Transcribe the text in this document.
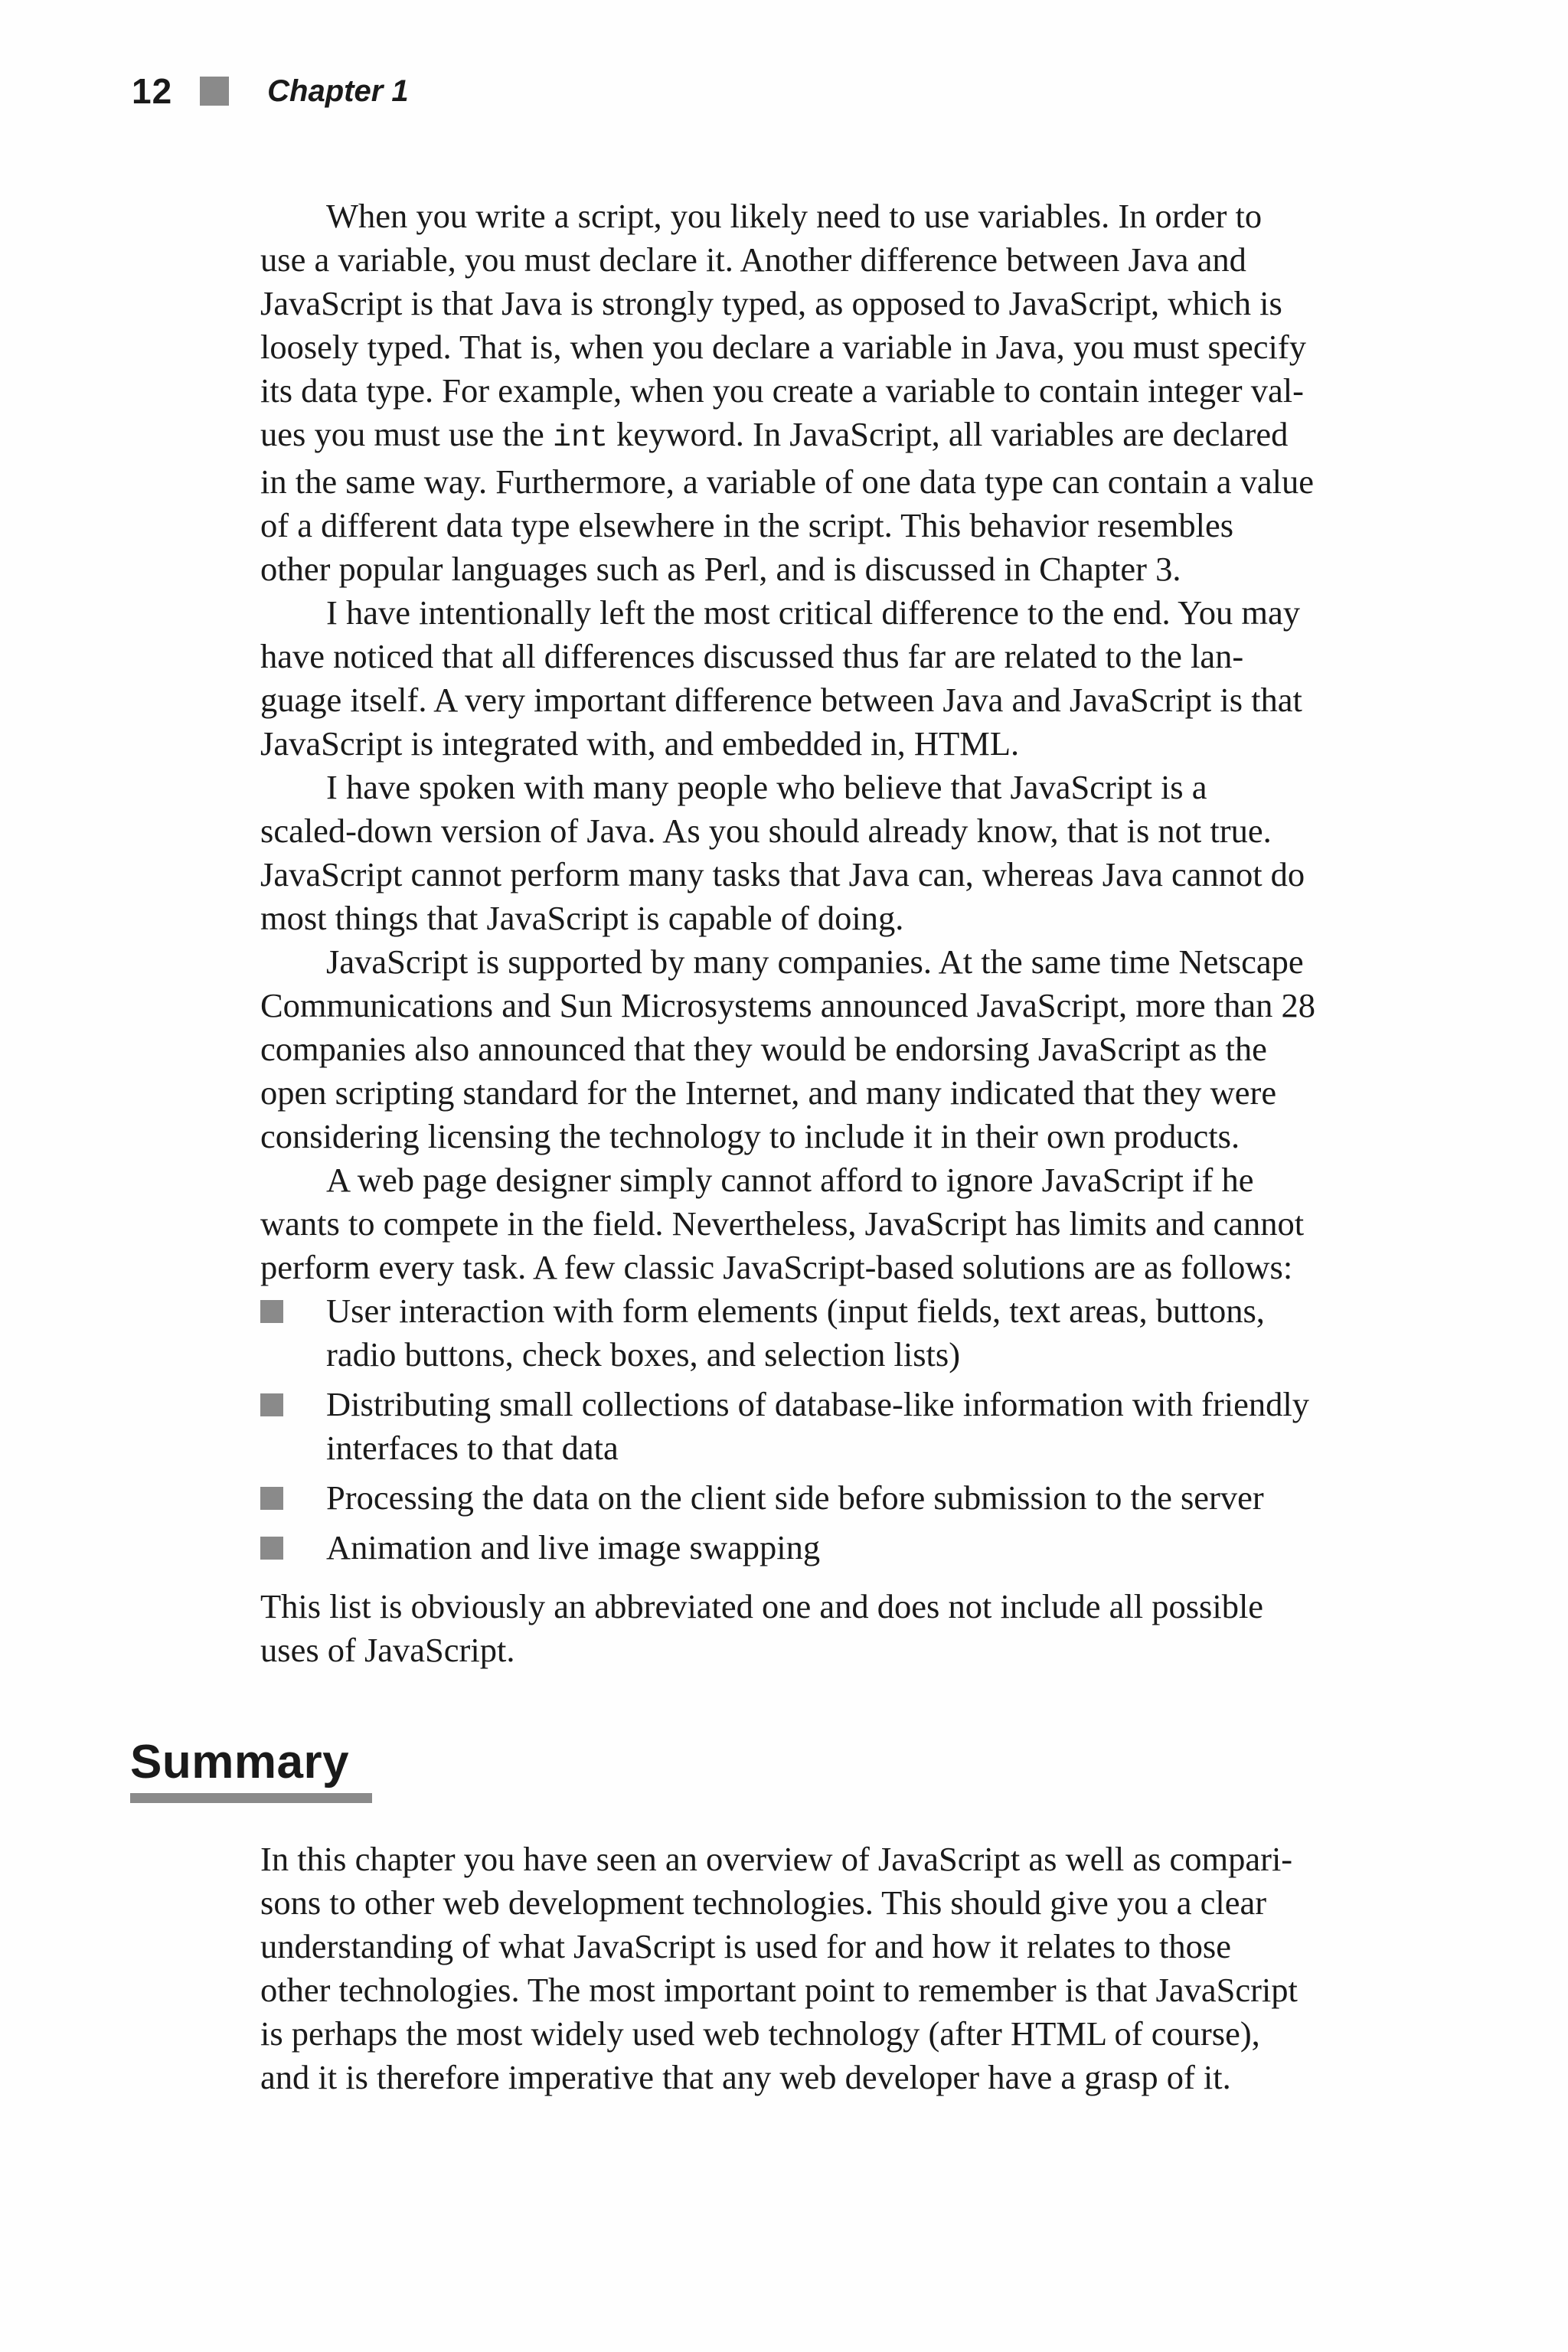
12	Chapter 1

When you write a script, you likely need to use variables. In order to
use a variable, you must declare it. Another difference between Java and
JavaScript is that Java is strongly typed, as opposed to JavaScript, which is
loosely typed. That is, when you declare a variable in Java, you must specify
its data type. For example, when you create a variable to contain integer val-
ues you must use the int keyword. In JavaScript, all variables are declared
in the same way. Furthermore, a variable of one data type can contain a value
of a different data type elsewhere in the script. This behavior resembles
other popular languages such as Perl, and is discussed in Chapter 3.

I have intentionally left the most critical difference to the end. You may
have noticed that all differences discussed thus far are related to the lan-
guage itself. A very important difference between Java and JavaScript is that
JavaScript is integrated with, and embedded in, HTML.

I have spoken with many people who believe that JavaScript is a
scaled-down version of Java. As you should already know, that is not true.
JavaScript cannot perform many tasks that Java can, whereas Java cannot do
most things that JavaScript is capable of doing.

JavaScript is supported by many companies. At the same time Netscape
Communications and Sun Microsystems announced JavaScript, more than 28
companies also announced that they would be endorsing JavaScript as the
open scripting standard for the Internet, and many indicated that they were
considering licensing the technology to include it in their own products.

A web page designer simply cannot afford to ignore JavaScript if he
wants to compete in the field. Nevertheless, JavaScript has limits and cannot
perform every task. A few classic JavaScript-based solutions are as follows:

User interaction with form elements (input fields, text areas, buttons,
radio buttons, check boxes, and selection lists)
Distributing small collections of database-like information with friendly
interfaces to that data
Processing the data on the client side before submission to the server
Animation and live image swapping

This list is obviously an abbreviated one and does not include all possible
uses of JavaScript.

Summary

In this chapter you have seen an overview of JavaScript as well as compari-
sons to other web development technologies. This should give you a clear
understanding of what JavaScript is used for and how it relates to those
other technologies. The most important point to remember is that JavaScript
is perhaps the most widely used web technology (after HTML of course),
and it is therefore imperative that any web developer have a grasp of it.
